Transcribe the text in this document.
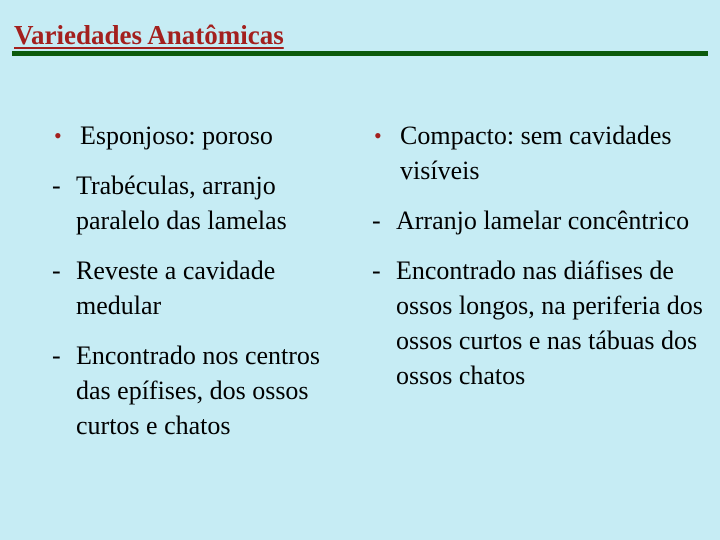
Variedades Anatômicas
• Esponjoso: poroso
- Trabéculas, arranjo paralelo das lamelas
- Reveste a cavidade medular
- Encontrado nos centros das epífises, dos ossos curtos e chatos
• Compacto: sem cavidades visíveis
- Arranjo lamelar concêntrico
- Encontrado nas diáfises de ossos longos, na periferia dos ossos curtos e nas tábuas dos ossos chatos
